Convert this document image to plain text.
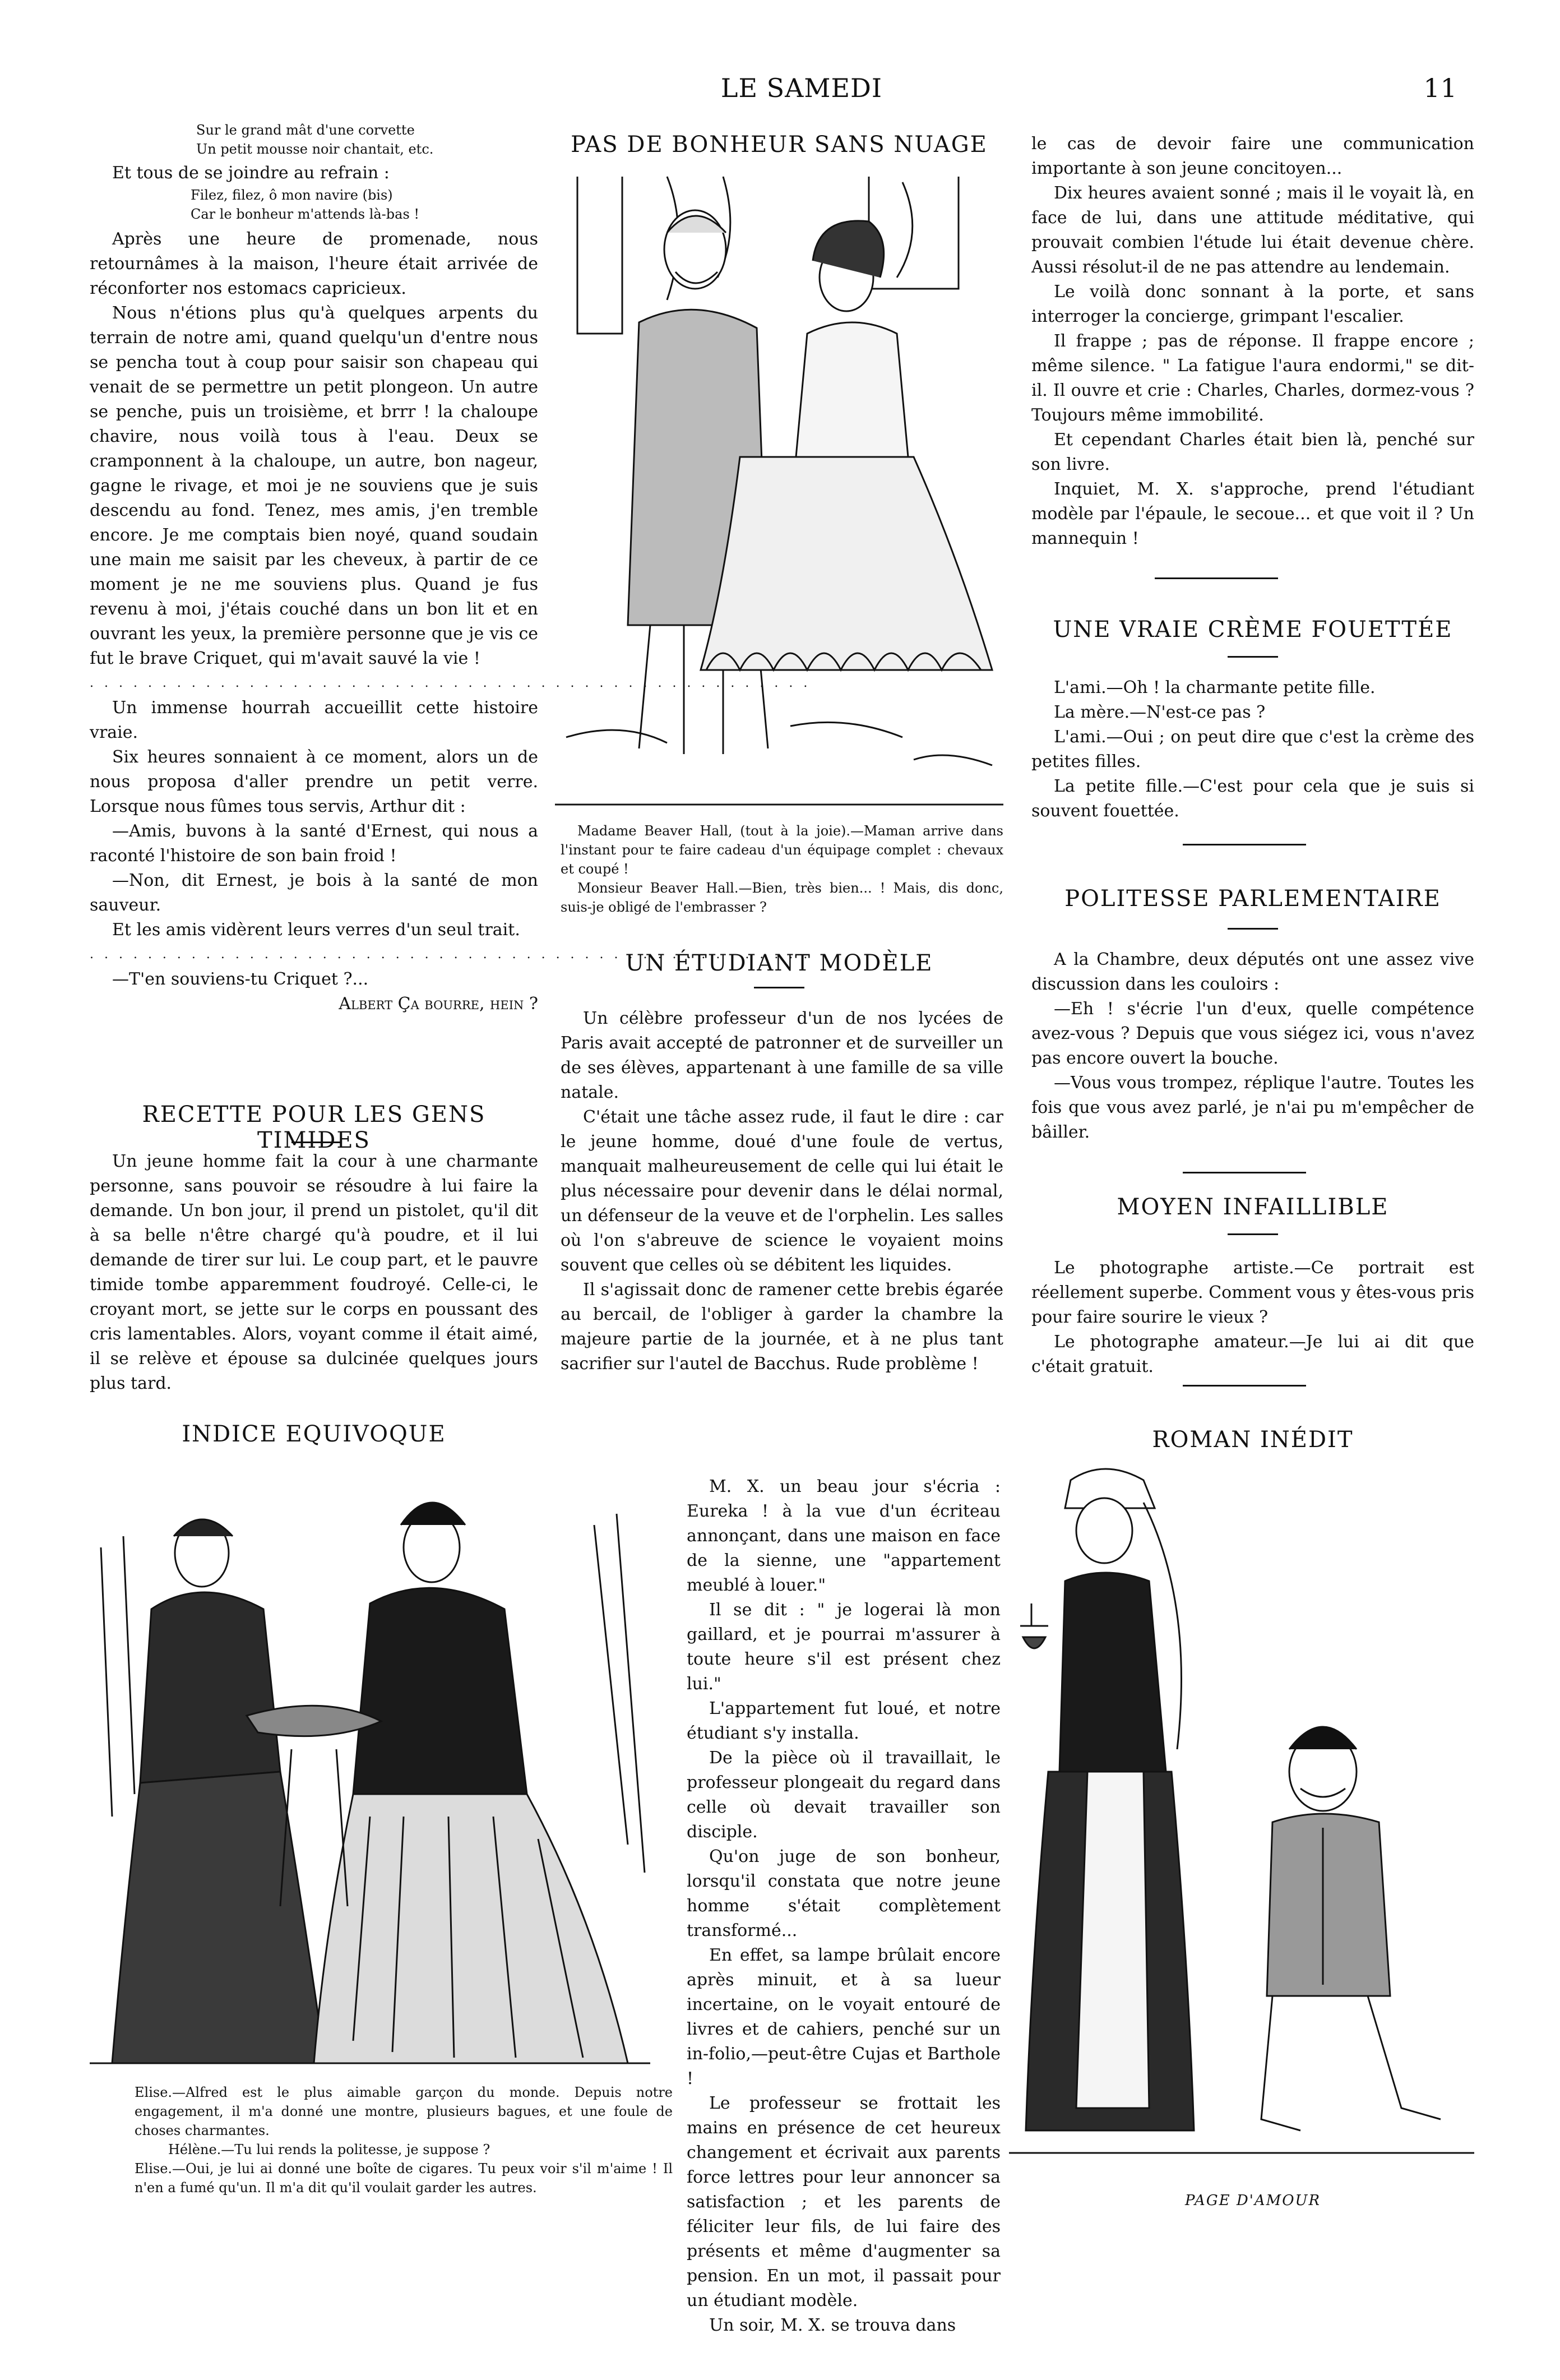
LE SAMEDI	11

Sur le grand mât d'une corvette

Un petit mousse noir chantait, etc.

Et tous de se joindre au refrain :

Filez, filez, ô mon navire (bis)

Car le bonheur m'attends là-bas !

Après une heure de promenade, nous retournâmes à la maison, l'heure était arrivée de réconforter nos estomacs capricieux.

Nous n'étions plus qu'à quelques arpents du terrain de notre ami, quand quelqu'un d'entre nous se pencha tout à coup pour saisir son chapeau qui venait de se permettre un petit plongeon. Un autre se penche, puis un troisième, et brrr ! la chaloupe chavire, nous voilà tous à l'eau. Deux se cramponnent à la chaloupe, un autre, bon nageur, gagne le rivage, et moi je ne souviens que je suis descendu au fond. Tenez, mes amis, j'en tremble encore. Je me comptais bien noyé, quand soudain une main me saisit par les cheveux, à partir de ce moment je ne me souviens plus. Quand je fus revenu à moi, j'étais couché dans un bon lit et en ouvrant les yeux, la première personne que je vis ce fut le brave Criquet, qui m'avait sauvé la vie !

. . . . . . . . . . . . . . . . . . . . . . . . . . . . . . . . . . . . . . . . . . . . . . . . . .

Un immense hourrah accueillit cette histoire vraie.

Six heures sonnaient à ce moment, alors un de nous proposa d'aller prendre un petit verre. Lorsque nous fûmes tous servis, Arthur dit :

—Amis, buvons à la santé d'Ernest, qui nous a raconté l'histoire de son bain froid !

—Non, dit Ernest, je bois à la santé de mon sauveur.

Et les amis vidèrent leurs verres d'un seul trait.

. . . . . . . . . . . . . . . . . . . . . . . . . . . . . . . . . . . . . . . . . . . . . . . . . .

—T'en souviens-tu Criquet ?...

Albert Ça bourre, hein ?
RECETTE POUR LES GENS TIMIDES

Un jeune homme fait la cour à une charmante personne, sans pouvoir se résoudre à lui faire la demande. Un bon jour, il prend un pistolet, qu'il dit à sa belle n'être chargé qu'à poudre, et il lui demande de tirer sur lui. Le coup part, et le pauvre timide tombe apparemment foudroyé. Celle-ci, le croyant mort, se jette sur le corps en poussant des cris lamentables. Alors, voyant comme il était aimé, il se relève et épouse sa dulcinée quelques jours plus tard.

INDICE EQUIVOQUE
Elise.—Alfred est le plus aimable garçon du monde. Depuis notre engagement, il m'a donné une montre, plusieurs bagues, et une foule de choses charmantes.
Hélène.—Tu lui rends la politesse, je suppose ?
Elise.—Oui, je lui ai donné une boîte de cigares. Tu peux voir s'il m'aime ! Il n'en a fumé qu'un. Il m'a dit qu'il voulait garder les autres.
PAS DE BONHEUR SANS NUAGE
Madame Beaver Hall, (tout à la joie).—Maman arrive dans l'instant pour te faire cadeau d'un équipage complet : chevaux et coupé !
Monsieur Beaver Hall.—Bien, très bien... ! Mais, dis donc, suis-je obligé de l'embrasser ?
UN ÉTUDIANT MODÈLE

Un célèbre professeur d'un de nos lycées de Paris avait accepté de patronner et de surveiller un de ses élèves, appartenant à une famille de sa ville natale.

C'était une tâche assez rude, il faut le dire : car le jeune homme, doué d'une foule de vertus, manquait malheureusement de celle qui lui était le plus nécessaire pour devenir dans le délai normal, un défenseur de la veuve et de l'orphelin. Les salles où l'on s'abreuve de science le voyaient moins souvent que celles où se débitent les liquides.

Il s'agissait donc de ramener cette brebis égarée au bercail, de l'obliger à garder la chambre la majeure partie de la journée, et à ne plus tant sacrifier sur l'autel de Bacchus. Rude problème !

M. X. un beau jour s'écria : Eureka ! à la vue d'un écriteau annonçant, dans une maison en face de la sienne, une "appartement meublé à louer."

Il se dit : " je logerai là mon gaillard, et je pourrai m'assurer à toute heure s'il est présent chez lui."

L'appartement fut loué, et notre étudiant s'y installa.

De la pièce où il travaillait, le professeur plongeait du regard dans celle où devait travailler son disciple.

Qu'on juge de son bonheur, lorsqu'il constata que notre jeune homme s'était complètement transformé...

En effet, sa lampe brûlait encore après minuit, et à sa lueur incertaine, on le voyait entouré de livres et de cahiers, penché sur un in-folio,—peut-être Cujas et Barthole !

Le professeur se frottait les mains en présence de cet heureux changement et écrivait aux parents force lettres pour leur annoncer sa satisfaction ; et les parents de féliciter leur fils, de lui faire des présents et même d'augmenter sa pension. En un mot, il passait pour un étudiant modèle.

Un soir, M. X. se trouva dans

le cas de devoir faire une communication importante à son jeune concitoyen...

Dix heures avaient sonné ; mais il le voyait là, en face de lui, dans une attitude méditative, qui prouvait combien l'étude lui était devenue chère. Aussi résolut-il de ne pas attendre au lendemain.

Le voilà donc sonnant à la porte, et sans interroger la concierge, grimpant l'escalier.

Il frappe ; pas de réponse. Il frappe encore ; même silence. " La fatigue l'aura endormi," se dit-il. Il ouvre et crie : Charles, Charles, dormez-vous ? Toujours même immobilité.

Et cependant Charles était bien là, penché sur son livre.

Inquiet, M. X. s'approche, prend l'étudiant modèle par l'épaule, le secoue... et que voit il ? Un mannequin !

UNE VRAIE CRÈME FOUETTÉE

L'ami.—Oh ! la charmante petite fille.

La mère.—N'est-ce pas ?

L'ami.—Oui ; on peut dire que c'est la crème des petites filles.

La petite fille.—C'est pour cela que je suis si souvent fouettée.

POLITESSE PARLEMENTAIRE

A la Chambre, deux députés ont une assez vive discussion dans les couloirs :

—Eh ! s'écrie l'un d'eux, quelle compétence avez-vous ? Depuis que vous siégez ici, vous n'avez pas encore ouvert la bouche.

—Vous vous trompez, réplique l'autre. Toutes les fois que vous avez parlé, je n'ai pu m'empêcher de bâiller.

MOYEN INFAILLIBLE

Le photographe artiste.—Ce portrait est réellement superbe. Comment vous y êtes-vous pris pour faire sourire le vieux ?

Le photographe amateur.—Je lui ai dit que c'était gratuit.

ROMAN INÉDIT
PAGE D'AMOUR
